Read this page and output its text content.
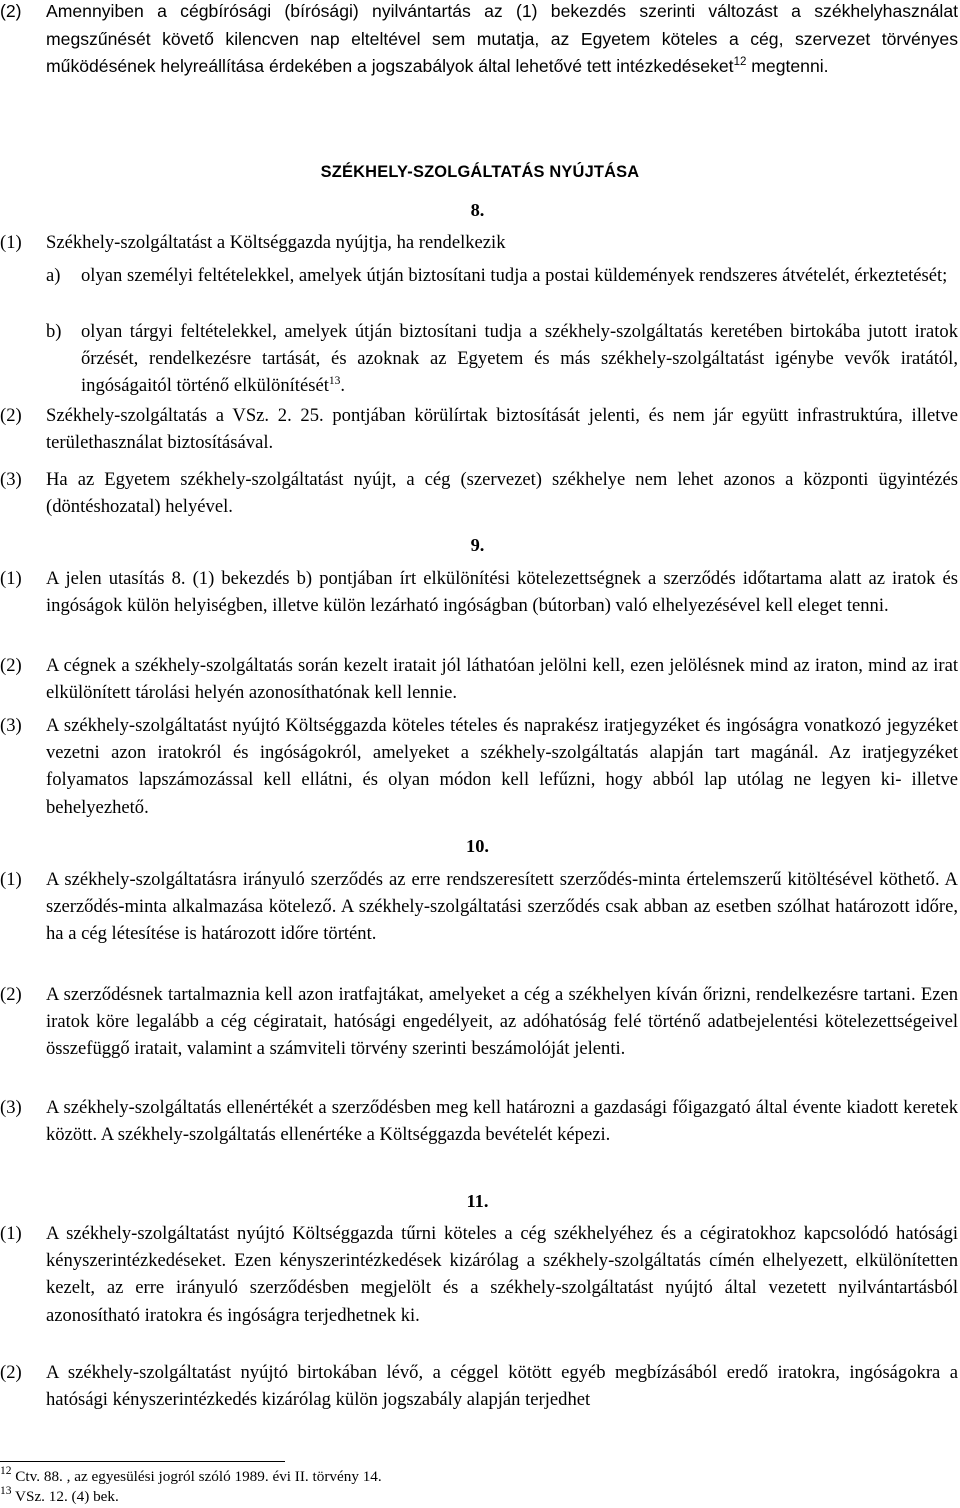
(2) Amennyiben a cégbírósági (bírósági) nyilvántartás az (1) bekezdés szerinti változást a székhelyhasználat megszűnését követő kilencven nap elteltével sem mutatja, az Egyetem köteles a cég, szervezet törvényes működésének helyreállítása érdekében a jogszabályok által lehetővé tett intézkedéseket$^{12}$ megtenni.

SZÉKHELY-SZOLGÁLTATÁS NYÚJTÁSA

8.

(1) Székhely-szolgáltatást a Költséggazda nyújtja, ha rendelkezik

a) olyan személyi feltételekkel, amelyek útján biztosítani tudja a postai küldemények rendszeres átvételét, érkeztetését;

b) olyan tárgyi feltételekkel, amelyek útján biztosítani tudja a székhely-szolgáltatás keretében birtokába jutott iratok őrzését, rendelkezésre tartását, és azoknak az Egyetem és más székhely-szolgáltatást igénybe vevők iratától, ingóságaitól történő elkülönítését$^{13}$.

(2) Székhely-szolgáltatás a VSz. 2. 25. pontjában körülírtak biztosítását jelenti, és nem jár együtt infrastruktúra, illetve területhasználat biztosításával.

(3) Ha az Egyetem székhely-szolgáltatást nyújt, a cég (szervezet) székhelye nem lehet azonos a központi ügyintézés (döntéshozatal) helyével.

9.

(1) A jelen utasítás 8. (1) bekezdés b) pontjában írt elkülönítési kötelezettségnek a szerződés időtartama alatt az iratok és ingóságok külön helyiségben, illetve külön lezárható ingóságban (bútorban) való elhelyezésével kell eleget tenni.

(2) A cégnek a székhely-szolgáltatás során kezelt iratait jól láthatóan jelölni kell, ezen jelölésnek mind az iraton, mind az irat elkülönített tárolási helyén azonosíthatónak kell lennie.

(3) A székhely-szolgáltatást nyújtó Költséggazda köteles tételes és naprakész iratjegyzéket és ingóságra vonatkozó jegyzéket vezetni azon iratokról és ingóságokról, amelyeket a székhely-szolgáltatás alapján tart magánál. Az iratjegyzéket folyamatos lapszámozással kell ellátni, és olyan módon kell lefűzni, hogy abból lap utólag ne legyen ki- illetve behelyezhető.

10.

(1) A székhely-szolgáltatásra irányuló szerződés az erre rendszeresített szerződés-minta értelemszerű kitöltésével köthető. A szerződés-minta alkalmazása kötelező. A székhely-szolgáltatási szerződés csak abban az esetben szólhat határozott időre, ha a cég létesítése is határozott időre történt.

(2) A szerződésnek tartalmaznia kell azon iratfajtákat, amelyeket a cég a székhelyen kíván őrizni, rendelkezésre tartani. Ezen iratok köre legalább a cég cégiratait, hatósági engedélyeit, az adóhatóság felé történő adatbejelentési kötelezettségeivel összefüggő iratait, valamint a számviteli törvény szerinti beszámolóját jelenti.

(3) A székhely-szolgáltatás ellenértékét a szerződésben meg kell határozni a gazdasági főigazgató által évente kiadott keretek között. A székhely-szolgáltatás ellenértéke a Költséggazda bevételét képezi.

11.

(1) A székhely-szolgáltatást nyújtó Költséggazda tűrni köteles a cég székhelyéhez és a cégiratokhoz kapcsolódó hatósági kényszerintézkedéseket. Ezen kényszerintézkedések kizárólag a székhely-szolgáltatás címén elhelyezett, elkülönítetten kezelt, az erre irányuló szerződésben megjelölt és a székhely-szolgáltatást nyújtó által vezetett nyilvántartásból azonosítható iratokra és ingóságra terjedhetnek ki.

(2) A székhely-szolgáltatást nyújtó birtokában lévő, a céggel kötött egyéb megbízásából eredő iratokra, ingóságokra a hatósági kényszerintézkedés kizárólag külön jogszabály alapján terjedhet

$^{12}$ Ctv. 88. , az egyesülési jogról szóló 1989. évi II. törvény 14.

$^{13}$ VSz. 12. (4) bek.
